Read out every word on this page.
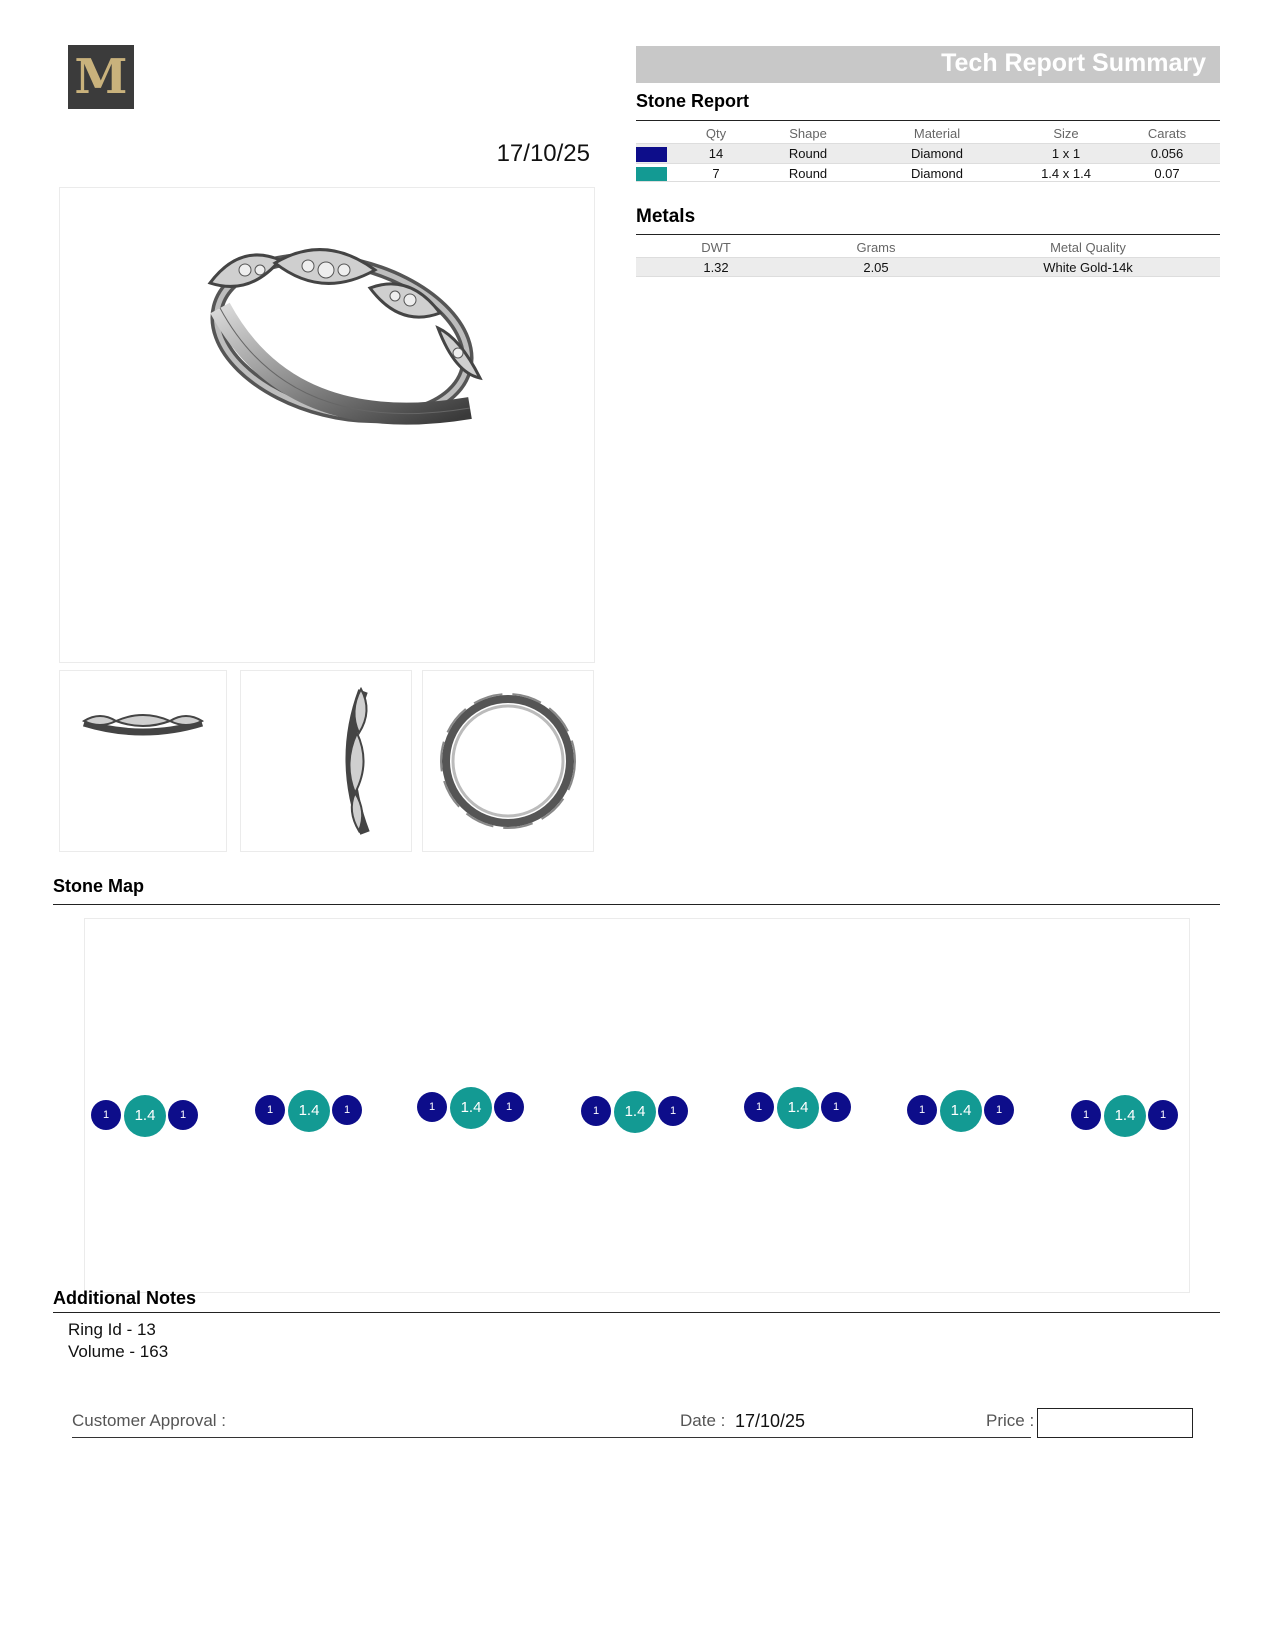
M
17/10/25
Tech Report Summary
Stone Report
	Qty	Shape	Material	Size	Carats
	14	Round	Diamond	1 x 1	0.056
	7	Round	Diamond	1.4 x 1.4	0.07
Metals
DWT	Grams	Metal Quality
1.32	2.05	White Gold-14k
Stone Map
1	1.4	1	1	1.4	1	1	1.4	1	1	1.4	1	1	1.4	1	1	1.4	1	1	1.4	1
Additional Notes
Ring Id - 13
Volume - 163
Customer Approval :	Date : 17/10/25	Price :
